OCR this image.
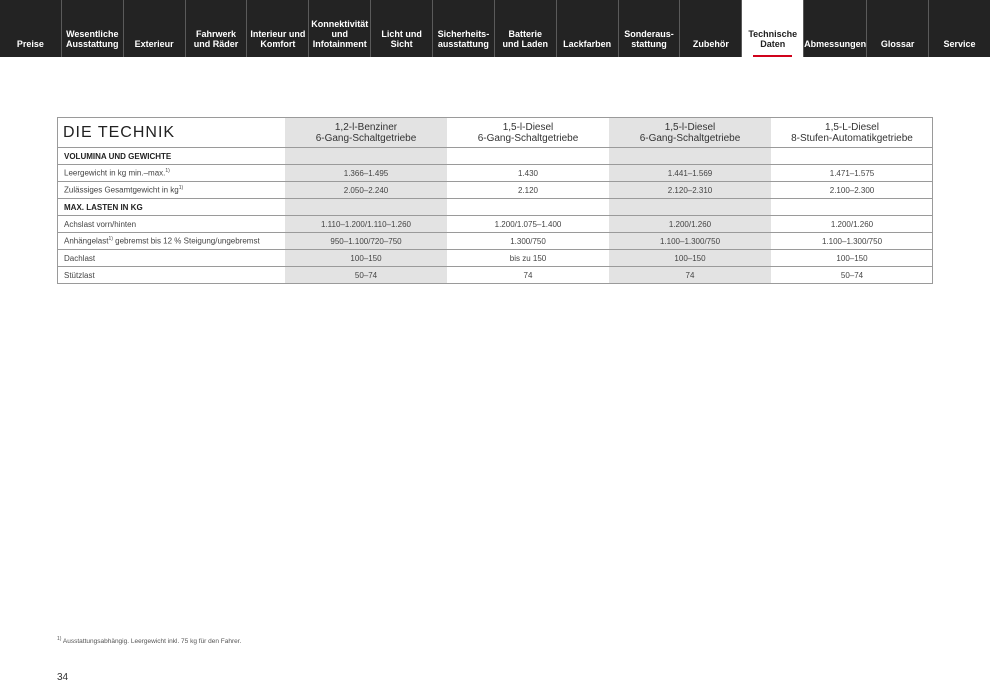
Preise
Wesentliche
Ausstattung	Exterieur
Fahrwerk
und Räder
Interieur und
Komfort
Konnektivität
und
Infotainment
Licht und Sicht
Sicherheits-
ausstattung
Batterie
und Laden	Lackfarben
Sonderaus-
stattung	Zubehör
Technische
Daten	Abmessungen	Glossar	Service
DIE TECHNIK	1,2-l-Benziner
6-Gang-Schaltgetriebe	1,5-l-Diesel
6-Gang-Schaltgetriebe	1,5-l-Diesel
6-Gang-Schaltgetriebe	1,5-L-Diesel
8-Stufen-Automatikgetriebe
VOLUMINA UND GEWICHTE				
Leergewicht in kg min.–max.$^{1)}$	1.366–1.495	1.430	1.441–1.569	1.471–1.575
Zulässiges Gesamtgewicht in $kg^{1)}$	2.050–2.240	2.120	2.120–2.310	2.100–2.300
MAX. LASTEN IN KG				
Achslast vorn/hinten	1.110–1.200/1.110–1.260	1.200/1.075–1.400	1.200/1.260	1.200/1.260
Anhängelast$^{1)}$ gebremst bis 12 % Steigung/ungebremst	950–1.100/720–750	1.300/750	1.100–1.300/750	1.100–1.300/750
Dachlast	100–150	bis zu 150	100–150	100–150
Stützlast	50–74	74	74	50–74
$^{1)}$ Ausstattungsabhängig. Leergewicht inkl. 75 kg für den Fahrer.
34
